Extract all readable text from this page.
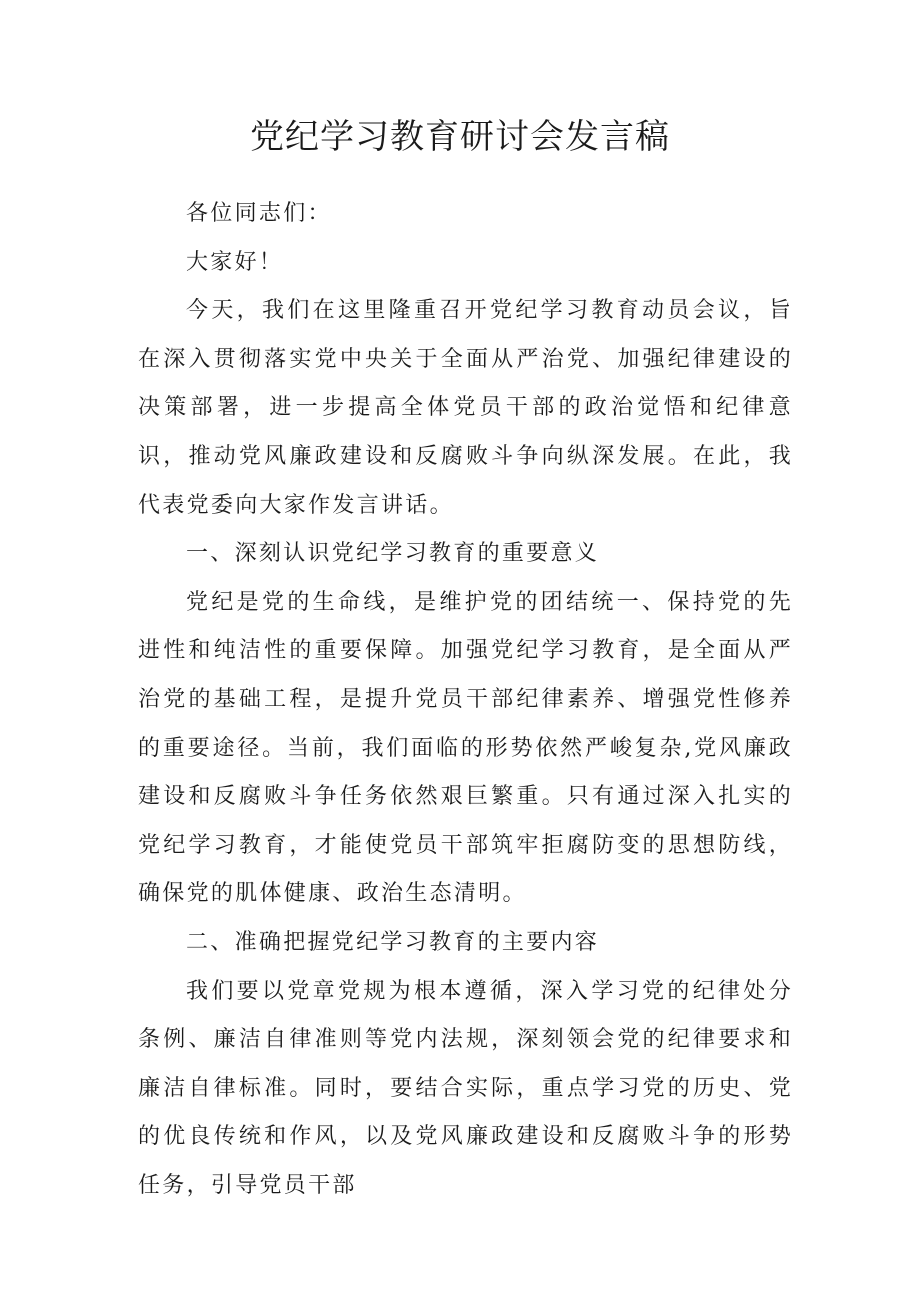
党纪学习教育研讨会发言稿

各位同志们：

大家好！

今天，我们在这里隆重召开党纪学习教育动员会议，旨在深入贯彻落实党中央关于全面从严治党、加强纪律建设的决策部署，进一步提高全体党员干部的政治觉悟和纪律意识，推动党风廉政建设和反腐败斗争向纵深发展。在此，我代表党委向大家作发言讲话。

一、深刻认识党纪学习教育的重要意义

党纪是党的生命线，是维护党的团结统一、保持党的先进性和纯洁性的重要保障。加强党纪学习教育，是全面从严治党的基础工程，是提升党员干部纪律素养、增强党性修养的重要途径。当前，我们面临的形势依然严峻复杂,党风廉政建设和反腐败斗争任务依然艰巨繁重。只有通过深入扎实的党纪学习教育，才能使党员干部筑牢拒腐防变的思想防线，确保党的肌体健康、政治生态清明。

二、准确把握党纪学习教育的主要内容

我们要以党章党规为根本遵循，深入学习党的纪律处分条例、廉洁自律准则等党内法规，深刻领会党的纪律要求和廉洁自律标准。同时，要结合实际，重点学习党的历史、党的优良传统和作风，以及党风廉政建设和反腐败斗争的形势任务，引导党员干部
